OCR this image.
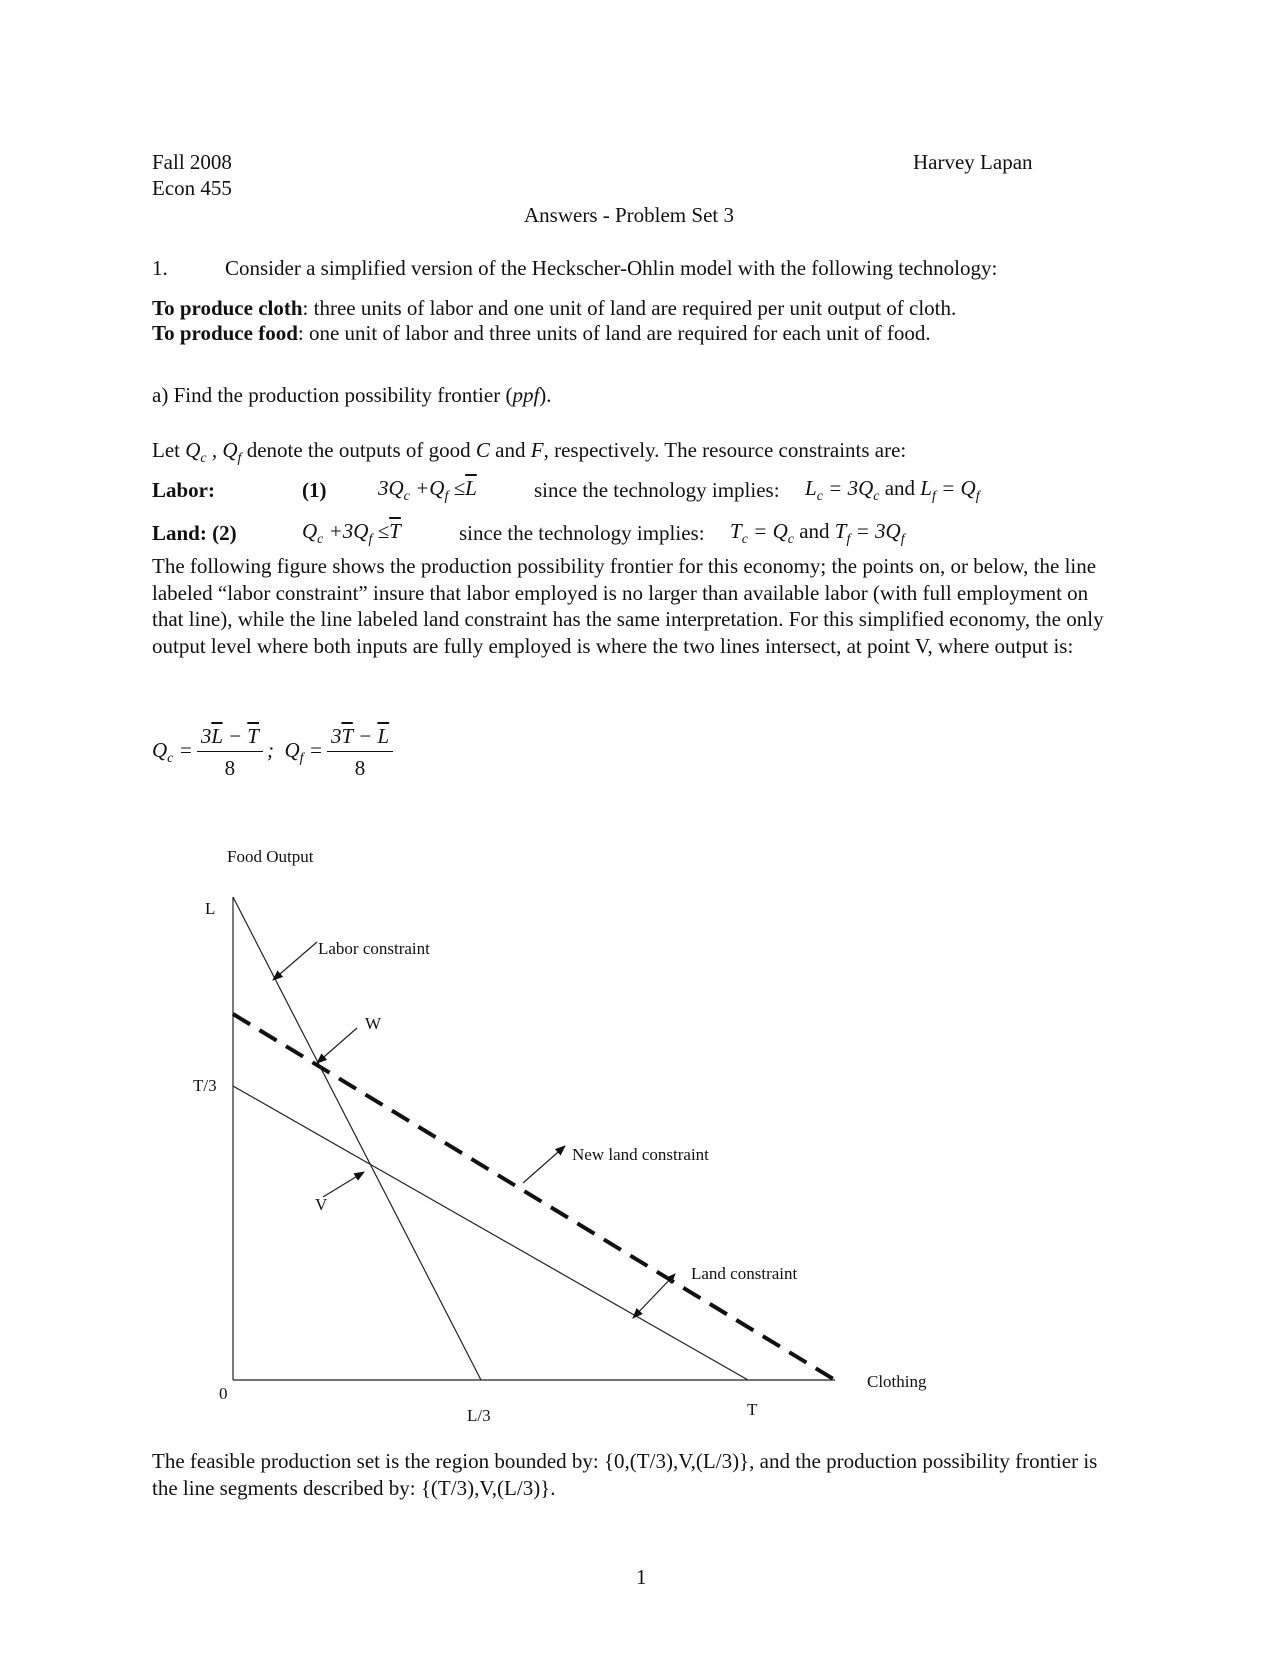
Fall 2008
Econ 455
Harvey Lapan
Answers - Problem Set 3
1.	Consider a simplified version of the Heckscher-Ohlin model with the following technology:
To produce cloth: three units of labor and one unit of land are required per unit output of cloth.
To produce food: one unit of labor and three units of land are required for each unit of food.
a) Find the production possibility frontier (ppf).
Let $Q_c$ , $Q_f$ denote the outputs of good C and F, respectively. The resource constraints are:
Labor:	(1) $3Q_c +Q_f \le\overline{L}$	since the technology implies: $L_c = 3Q_c$ and $L_f = Q_f$
Land: (2)	$Q_c +3Q_f \le\overline{T}$	since the technology implies: $T_c = Q_c$ and $T_f = 3Q_f$
The following figure shows the production possibility frontier for this economy; the points on, or below, the line labeled “labor constraint” insure that labor employed is no larger than available labor (with full employment on that line), while the line labeled land constraint has the same interpretation. For this simplified economy, the only output level where both inputs are fully employed is where the two lines intersect, at point V, where output is:
$Q_c = \frac{3\overline{L} - \overline{T}}{8}$ ;  $Q_f = \frac{3\overline{T} - \overline{L}}{8}$
Food Output
Clothing
L
T/3
0
L/3	T
Labor constraint
W
V
New land constraint
Land constraint
The feasible production set is the region bounded by: {0,(T/3),V,(L/3)}, and the production possibility frontier is the line segments described by: {(T/3),V,(L/3)}.
1
